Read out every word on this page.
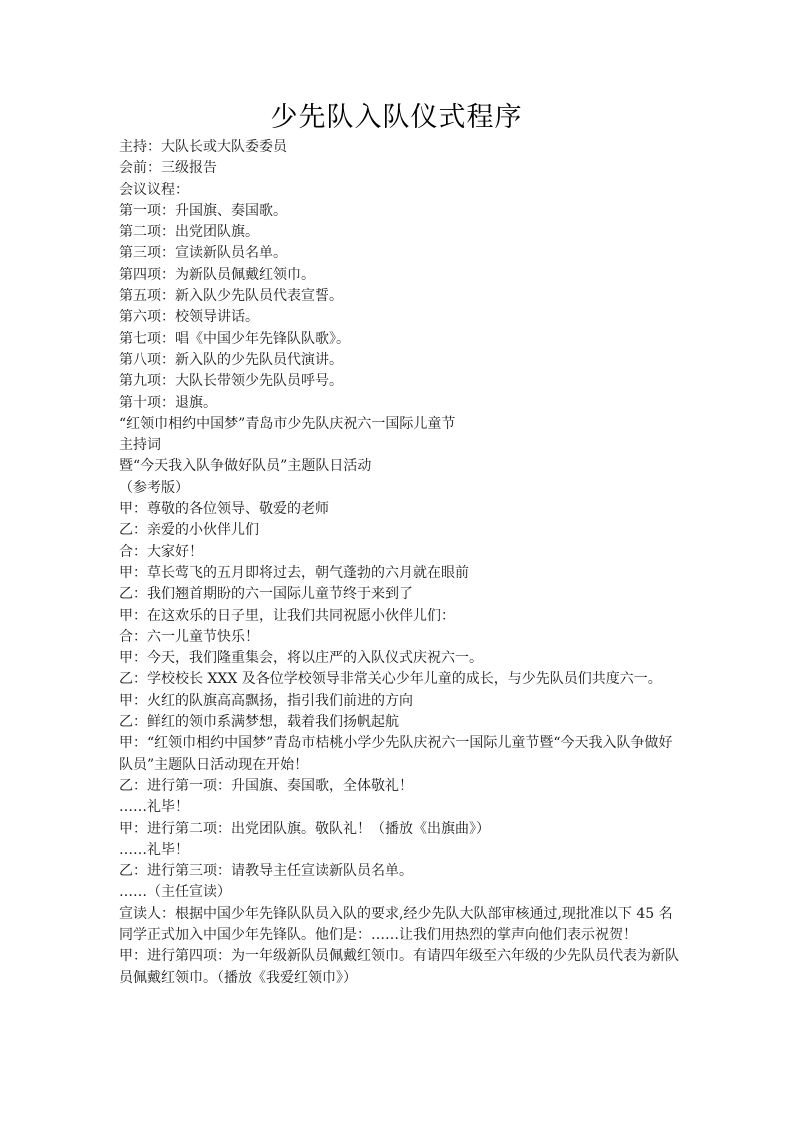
少先队入队仪式程序

主持：大队长或大队委委员

会前：三级报告

会议议程：

第一项：升国旗、奏国歌。

第二项：出党团队旗。

第三项：宣读新队员名单。

第四项：为新队员佩戴红领巾。

第五项：新入队少先队员代表宣誓。

第六项：校领导讲话。

第七项：唱《中国少年先锋队队歌》。

第八项：新入队的少先队员代演讲。

第九项：大队长带领少先队员呼号。

第十项：退旗。

“红领巾相约中国梦”青岛市少先队庆祝六一国际儿童节

主持词

暨“今天我入队争做好队员”主题队日活动

（参考版）

甲：尊敬的各位领导、敬爱的老师

乙：亲爱的小伙伴儿们

合：大家好！

甲：草长莺飞的五月即将过去，朝气蓬勃的六月就在眼前

乙：我们翘首期盼的六一国际儿童节终于来到了

甲：在这欢乐的日子里，让我们共同祝愿小伙伴儿们：

合：六一儿童节快乐！

甲：今天，我们隆重集会，将以庄严的入队仪式庆祝六一。

乙：学校校长 XXX 及各位学校领导非常关心少年儿童的成长，与少先队员们共度六一。

甲：火红的队旗高高飘扬，指引我们前进的方向

乙：鲜红的领巾系满梦想，载着我们扬帆起航

甲：“红领巾相约中国梦”青岛市桔桃小学少先队庆祝六一国际儿童节暨“今天我入队争做好队员”主题队日活动现在开始！

乙：进行第一项：升国旗、奏国歌，全体敬礼！

……礼毕！

甲：进行第二项：出党团队旗。敬队礼！（播放《出旗曲》）

……礼毕！

乙：进行第三项：请教导主任宣读新队员名单。

……（主任宣读）

宣读人：根据中国少年先锋队队员入队的要求,经少先队大队部审核通过,现批准以下 45 名同学正式加入中国少年先锋队。他们是：……让我们用热烈的掌声向他们表示祝贺！

甲：进行第四项：为一年级新队员佩戴红领巾。有请四年级至六年级的少先队员代表为新队员佩戴红领巾。（播放《我爱红领巾》）
